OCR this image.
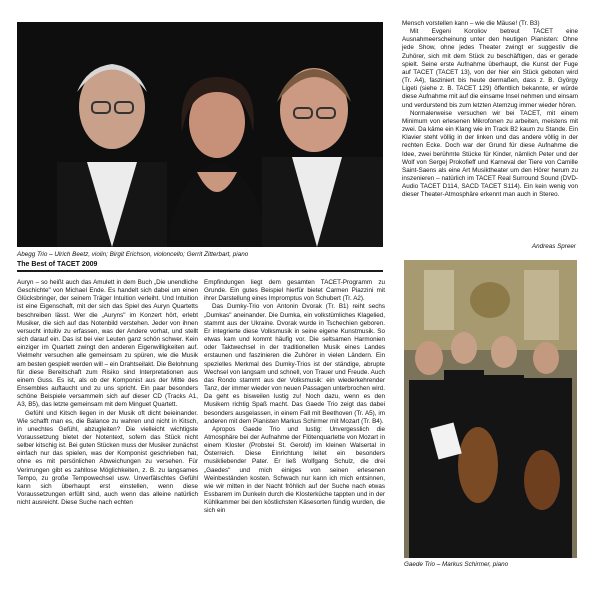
Abegg Trio – Ulrich Beetz, violin; Birgit Erichson, violoncello; Gerrit Zitterbart, piano
Andreas Spreer
The Best of TACET 2009

Mensch vorstellen kann – wie die Mäuse! (Tr. B3)

Mit Evgeni Koroliov betreut TACET eine Ausnahmeerscheinung unter den heutigen Pianisten: Ohne jede Show, ohne jedes Theater zwingt er suggestiv die Zuhörer, sich mit dem Stück zu beschäftigen, das er gerade spielt. Seine erste Aufnahme überhaupt, die Kunst der Fuge auf TACET (TACET 13), von der hier ein Stück geboten wird (Tr. A4), fasziniert bis heute dermaßen, dass z. B. György Ligeti (siehe z. B. TACET 129) öffentlich bekannte, er würde diese Aufnahme mit auf die einsame Insel nehmen und einsam und verdurstend bis zum letzten Atemzug immer wieder hören.

Normalerweise versuchen wir bei TACET, mit einem Minimum von erlesenen Mikrofonen zu arbeiten, meistens mit zwei. Da käme ein Klang wie im Track B2 kaum zu Stande. Ein Klavier steht völlig in der linken und das andere völlig in der rechten Ecke. Doch war der Grund für diese Aufnahme die Idee, zwei berühmte Stücke für Kinder, nämlich Peter und der Wolf von Sergej Prokofieff und Karneval der Tiere von Camille Saint-Saens als eine Art Musiktheater um den Hörer herum zu inszenieren – natürlich im TACET Real Surround Sound (DVD-Audio TACET D114, SACD TACET S114). Ein kein wenig von dieser Theater-Atmosphäre erkennt man auch in Stereo.

Auryn – so heißt auch das Amulett in dem Buch „Die unendliche Geschichte" von Michael Ende. Es handelt sich dabei um einen Glücksbringer, der seinem Träger Intuition verleiht. Und Intuition ist eine Eigenschaft, mit der sich das Spiel des Auryn Quartetts beschreiben lässt. Wer die „Auryns" im Konzert hört, erlebt Musiker, die sich auf das Notenbild verstehen. Jeder von ihnen versucht intuitiv zu erfassen, was der Andere vorhat, und stellt sich darauf ein. Das ist bei vier Leuten ganz schön schwer. Kein einziger im Quartett zwingt den anderen Eigenwilligkeiten auf. Vielmehr versuchen alle gemeinsam zu spüren, wie die Musik am besten gespielt werden will – ein Drahtseilakt. Die Belohnung für diese Bereitschaft zum Risiko sind Interpretationen aus einem Guss. Es ist, als ob der Komponist aus der Mitte des Ensembles auftaucht und zu uns spricht. Ein paar besonders schöne Beispiele versammeln sich auf dieser CD (Tracks A1, A3, B5), das letzte gemeinsam mit dem Minguet Quartett.

Gefühl und Kitsch liegen in der Musik oft dicht beieinander. Wie schafft man es, die Balance zu wahren und nicht in Kitsch, in unechtes Gefühl, abzugleiten? Die vielleicht wichtigste Voraussetzung bietet der Notentext, sofern das Stück nicht selber kitschig ist. Bei guten Stücken muss der Musiker zunächst einfach nur das spielen, was der Komponist geschrieben hat, ohne es mit persönlichen Abweichungen zu versehen. Für Verirrungen gibt es zahllose Möglichkeiten, z. B. zu langsames Tempo, zu große Tempowechsel usw. Unverfälschtes Gefühl kann sich überhaupt erst einstellen, wenn diese Voraussetzungen erfüllt sind, auch wenn das alleine natürlich nicht ausreicht. Diese Suche nach echten

Empfindungen liegt dem gesamten TACET-Programm zu Grunde. Ein gutes Beispiel hierfür bietet Carmen Piazzini mit ihrer Darstellung eines Impromptus von Schubert (Tr. A2).

Das Dumky-Trio von Antonin Dvorak (Tr. B1) reiht sechs „Dumkas" aneinander. Die Dumka, ein volkstümliches Klagelied, stammt aus der Ukraine. Dvorak wurde in Tschechien geboren. Er integrierte diese Volksmusik in seine eigene Kunstmusik. So etwas kam und kommt häufig vor. Die seltsamen Harmonien oder Taktwechsel in der traditionellen Musik eines Landes erstaunen und faszinieren die Zuhörer in vielen Ländern. Ein spezielles Merkmal des Dumky-Trios ist der ständige, abrupte Wechsel von langsam und schnell, von Trauer und Freude. Auch das Rondo stammt aus der Volksmusik: ein wiederkehrender Tanz, der immer wieder von neuen Passagen unterbrochen wird. Da geht es bisweilen lustig zu! Noch dazu, wenn es den Musikern richtig Spaß macht. Das Gaede Trio zeigt das dabei besonders ausgelassen, in einem Fall mit Beethoven (Tr. A5), im anderen mit dem Pianisten Markus Schirmer mit Mozart (Tr. B4).

Apropos Gaede Trio und lustig: Unvergesslich die Atmosphäre bei der Aufnahme der Flötenquartette von Mozart in einem Kloster (Probstei St. Gerold) im kleinen Walsertal in Österreich. Diese Einrichtung leitet ein besonders musikliebender Pater. Er ließ Wolfgang Schulz, die drei „Gaedes" und mich einiges von seinen erlesenen Weinbeständen kosten. Schwach nur kann ich mich entsinnen, wie wir mitten in der Nacht fröhlich auf der Suche nach etwas Essbarem im Dunkeln durch die Klosterküche tappten und in der Kühlkammer bei den köstlichsten Käsesorten fündig wurden, die sich ein

Gaede Trio – Markus Schirmer, piano
